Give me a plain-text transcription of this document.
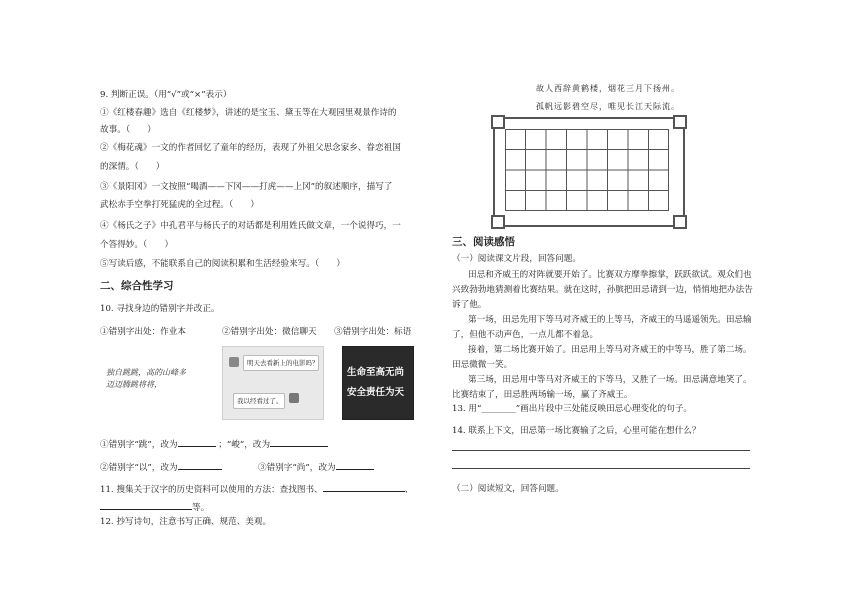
9. 判断正误。（用“√”或“×”表示）
①《红楼春趣》选自《红楼梦》，讲述的是宝玉、黛玉等在大观园里观景作诗的
故事。（　　）
②《梅花魂》一文的作者回忆了童年的经历，表现了外祖父思念家乡、眷恋祖国
的深情。（　　）
③《景阳冈》一文按照“喝酒——下冈——打虎——上冈”的叙述顺序，描写了
武松赤手空拳打死猛虎的全过程。（　　）
④《杨氏之子》中孔君平与杨氏子的对话都是利用姓氏做文章，一个说得巧，一
个答得妙。（　　）
⑤写读后感，不能联系自己的阅读积累和生活经验来写。（　　）
二、综合性学习
10. 寻找身边的错别字并改正。
①错别字出处：作业本	②错别字出处：微信聊天 ③错别字出处：标语
独自跳跳，高的山峰多
迈迈腾跳将将，
明天去看新上的电影吗？
我以经看过了。
生命至高无尚
安全责任为天
①错别字“跳”，改为	；“峻”，改为
②错别字“以”，改为	③错别字“尚”，改为
11. 搜集关于汉字的历史资料可以使用的方法：查找图书、	、
等。
12. 抄写诗句，注意书写正确、规范、美观。
故人西辞黄鹤楼，烟花三月下扬州。
孤帆远影碧空尽，唯见长江天际流。
三、阅读感悟
（一）阅读课文片段，回答问题。
田忌和齐威王的对阵就要开始了。比赛双方摩拳擦掌，跃跃欲试。观众们也
兴致勃勃地猜测着比赛结果。就在这时，孙膑把田忌请到一边，悄悄地把办法告
诉了他。
第一场，田忌先用下等马对齐威王的上等马，齐威王的马遥遥领先。田忌输
了，但他不动声色，一点儿都不着急。
接着，第二场比赛开始了。田忌用上等马对齐威王的中等马，胜了第二场。
田忌微微一笑。
第三场，田忌用中等马对齐威王的下等马，又胜了一场。田忌满意地笑了。
比赛结束了，田忌胜两场输一场，赢了齐威王。
13. 用“________”画出片段中三处能反映田忌心理变化的句子。
14. 联系上下文，田忌第一场比赛输了之后，心里可能在想什么？
（二）阅读短文，回答问题。
